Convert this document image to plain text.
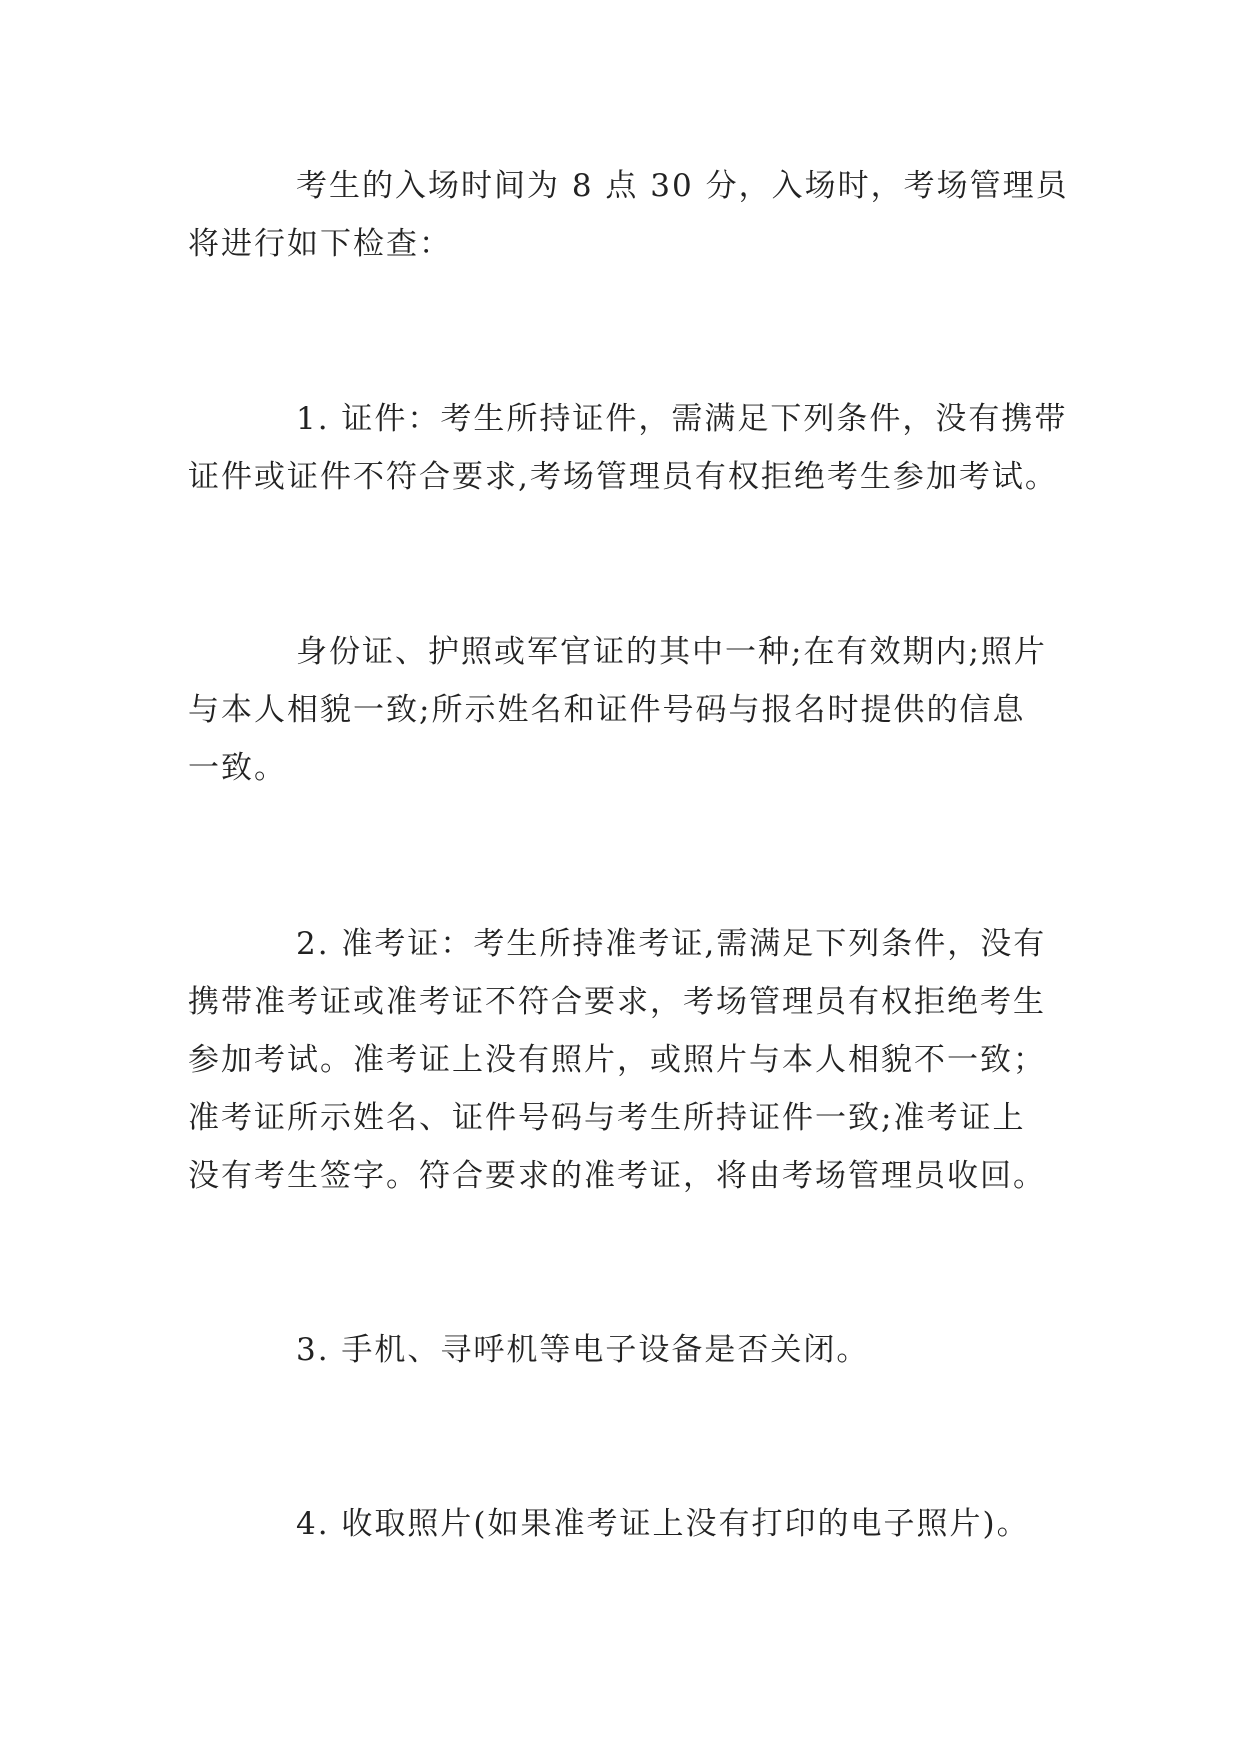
考生的入场时间为 8 点 30 分，入场时，考场管理员
将进行如下检查：

1. 证件：考生所持证件，需满足下列条件，没有携带
证件或证件不符合要求,考场管理员有权拒绝考生参加考试。

身份证、护照或军官证的其中一种;在有效期内;照片
与本人相貌一致;所示姓名和证件号码与报名时提供的信息
一致。

2. 准考证：考生所持准考证,需满足下列条件，没有
携带准考证或准考证不符合要求，考场管理员有权拒绝考生
参加考试。准考证上没有照片，或照片与本人相貌不一致；
准考证所示姓名、证件号码与考生所持证件一致;准考证上
没有考生签字。符合要求的准考证，将由考场管理员收回。

3. 手机、寻呼机等电子设备是否关闭。

4. 收取照片(如果准考证上没有打印的电子照片)。
